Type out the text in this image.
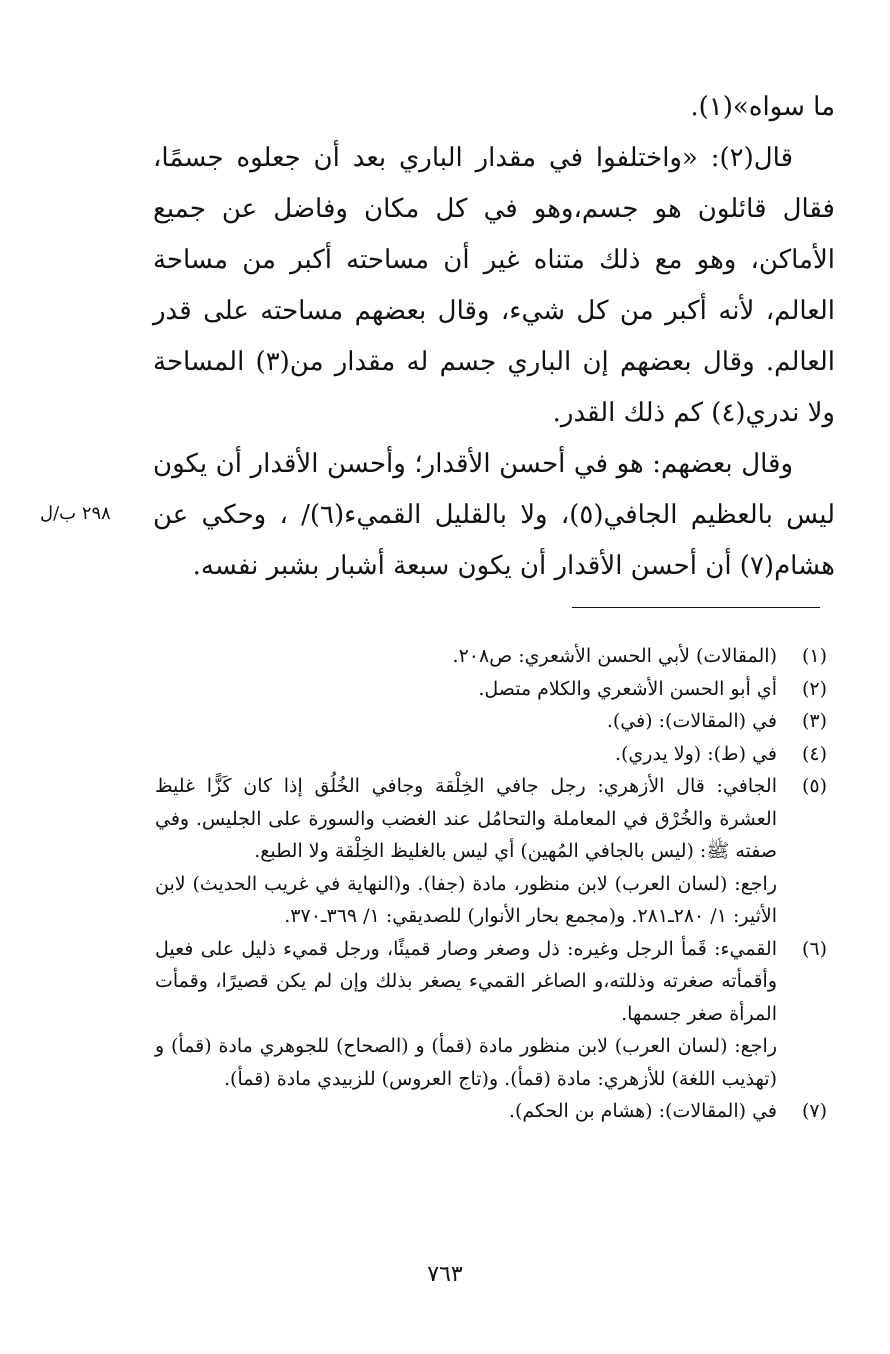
ما سواه»(١).

قال(٢): «واختلفوا في مقدار الباري بعد أن جعلوه جسمًا، فقال قائلون هو جسم،وهو في كل مكان وفاضل عن جميع الأماكن، وهو مع ذلك متناه غير أن مساحته أكبر من مساحة العالم، لأنه أكبر من كل شيء، وقال بعضهم مساحته على قدر العالم. وقال بعضهم إن الباري جسم له مقدار من(٣) المساحة ولا ندري(٤) كم ذلك القدر.

وقال بعضهم: هو في أحسن الأقدار؛ وأحسن الأقدار أن يكون ليس بالعظيم الجافي(٥)، ولا بالقليل القميء(٦)/ ، وحكي عن هشام(٧) أن أحسن الأقدار أن يكون سبعة أشبار بشبر نفسه.

٢٩٨ ب/ل
(١)

(المقالات) لأبي الحسن الأشعري: ص٢٠٨.

(٢)

أي أبو الحسن الأشعري والكلام متصل.

(٣)

في (المقالات): (في).

(٤)

في (ط): (ولا يدري).

(٥)

الجافي: قال الأزهري: رجل جافي الخِلْقة وجافي الخُلُق إذا كان كَزًّا غليظ العشرة والخُرْق في المعاملة والتحامُل عند الغضب والسورة على الجليس. وفي صفته ﷺ: (ليس بالجافي المُهين) أي ليس بالغليظ الخِلْقة ولا الطبع.

راجع: (لسان العرب) لابن منظور، مادة (جفا). و(النهاية في غريب الحديث) لابن الأثير: ١/ ٢٨٠ـ٢٨١. و(مجمع بحار الأنوار) للصديقي: ١/ ٣٦٩ـ٣٧٠.

(٦)

القميء: قَمأ الرجل وغيره: ذل وصغر وصار قميئًا، ورجل قميء ذليل على فعيل وأقمأته صغرته وذللته،و الصاغر القميء يصغر بذلك وإن لم يكن قصيرًا، وقمأت المرأة صغر جسمها.

راجع: (لسان العرب) لابن منظور مادة (قمأ) و (الصحاح) للجوهري مادة (قمأ) و (تهذيب اللغة) للأزهري: مادة (قمأ). و(تاج العروس) للزبيدي مادة (قمأ).

(٧)

في (المقالات): (هشام بن الحكم).

٧٦٣
